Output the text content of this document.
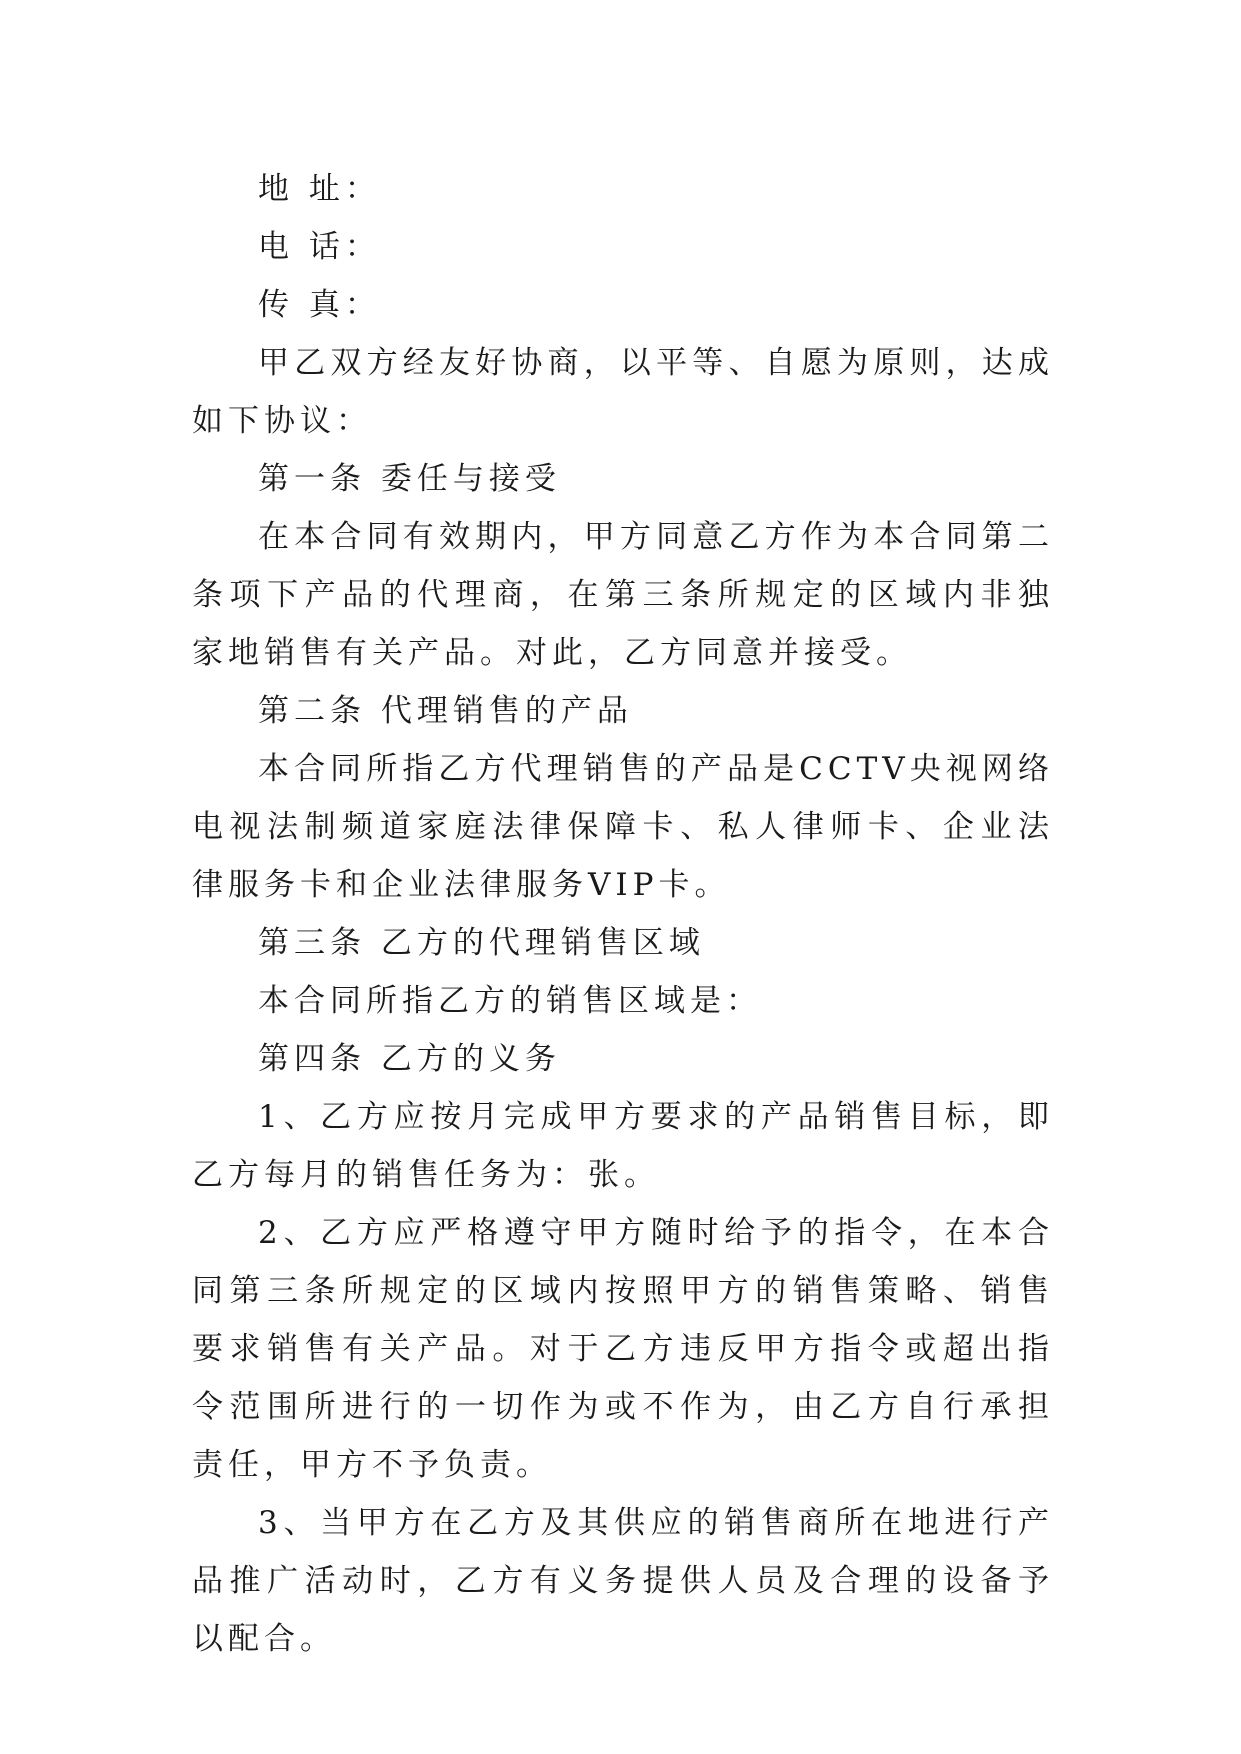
地 址：

电 话：

传 真：

甲乙双方经友好协商，以平等、自愿为原则，达成如下协议：

第一条 委任与接受

在本合同有效期内，甲方同意乙方作为本合同第二条项下产品的代理商，在第三条所规定的区域内非独家地销售有关产品。对此，乙方同意并接受。

第二条 代理销售的产品

本合同所指乙方代理销售的产品是CCTV央视网络电视法制频道家庭法律保障卡、私人律师卡、企业法律服务卡和企业法律服务VIP卡。

第三条 乙方的代理销售区域

本合同所指乙方的销售区域是：

第四条 乙方的义务

1、乙方应按月完成甲方要求的产品销售目标，即乙方每月的销售任务为：张。

2、乙方应严格遵守甲方随时给予的指令，在本合同第三条所规定的区域内按照甲方的销售策略、销售要求销售有关产品。对于乙方违反甲方指令或超出指令范围所进行的一切作为或不作为，由乙方自行承担责任，甲方不予负责。

3、当甲方在乙方及其供应的销售商所在地进行产品推广活动时，乙方有义务提供人员及合理的设备予以配合。
